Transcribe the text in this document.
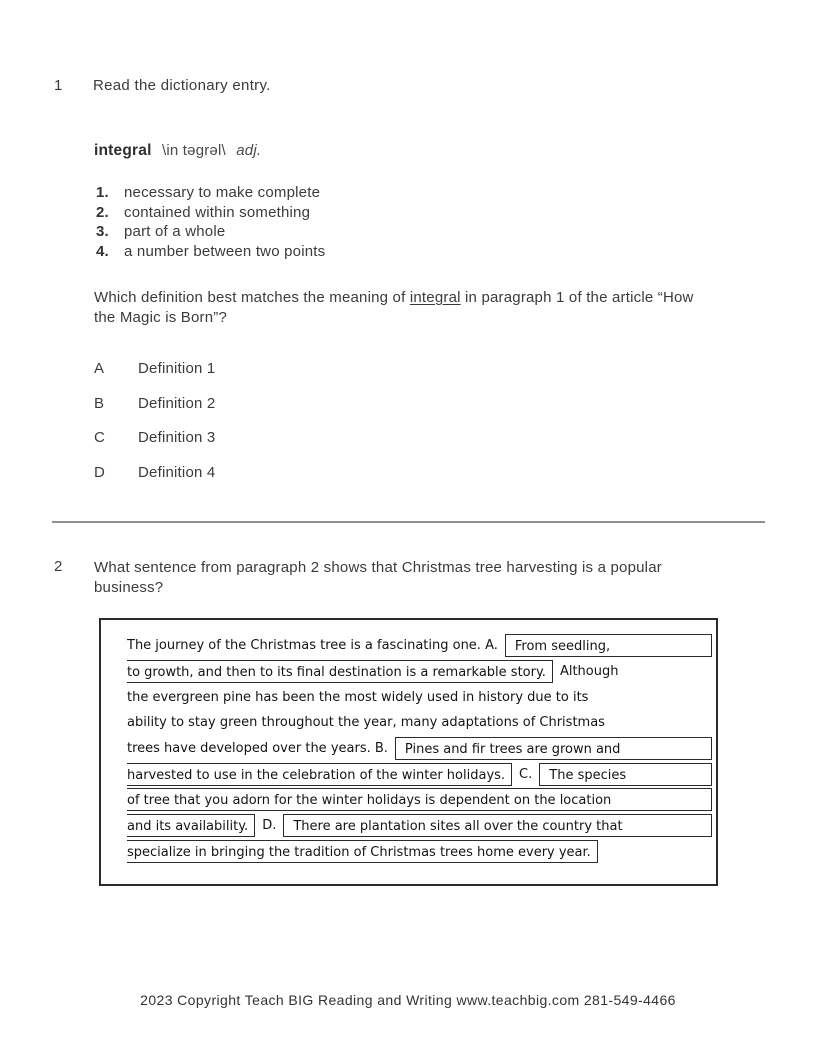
1 Read the dictionary entry.
integral \in təgrəl\ adj.
1.	necessary to make complete
2.	contained within something
3.	part of a whole
4.	a number between two points
Which definition best matches the meaning of integral in paragraph 1 of the article “How the Magic is Born”?
A	Definition 1
B	Definition 2
C	Definition 3
D	Definition 4
2 What sentence from paragraph 2 shows that Christmas tree harvesting is a popular business?
The journey of the Christmas tree is a fascinating one. A.	From seedling,
to growth, and then to its final destination is a remarkable story.	Although
the evergreen pine has been the most widely used in history due to its
ability to stay green throughout the year, many adaptations of Christmas
trees have developed over the years. B.	Pines and fir trees are grown and
harvested to use in the celebration of the winter holidays.	C.	The species
of tree that you adorn for the winter holidays is dependent on the location
and its availability.	D.	There are plantation sites all over the country that
specialize in bringing the tradition of Christmas trees home every year.
2023 Copyright Teach BIG Reading and Writing www.teachbig.com 281-549-4466
